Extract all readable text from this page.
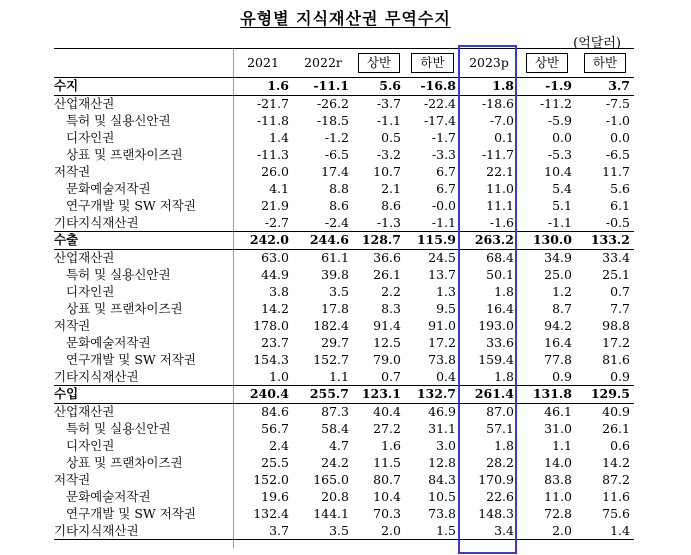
유형별 지식재산권 무역수지
(억달러)
	2021	2022r	상반	하반	2023p	상반	하반
수지	1.6	-11.1	5.6	-16.8	1.8	-1.9	3.7
산업재산권	-21.7	-26.2	-3.7	-22.4	-18.6	-11.2	-7.5
특허 및 실용신안권	-11.8	-18.5	-1.1	-17.4	-7.0	-5.9	-1.0
디자인권	1.4	-1.2	0.5	-1.7	0.1	0.0	0.0
상표 및 프랜차이즈권	-11.3	-6.5	-3.2	-3.3	-11.7	-5.3	-6.5
저작권	26.0	17.4	10.7	6.7	22.1	10.4	11.7
문화예술저작권	4.1	8.8	2.1	6.7	11.0	5.4	5.6
연구개발 및 SW 저작권	21.9	8.6	8.6	-0.0	11.1	5.1	6.1
기타지식재산권	-2.7	-2.4	-1.3	-1.1	-1.6	-1.1	-0.5
수출	242.0	244.6	128.7	115.9	263.2	130.0	133.2
산업재산권	63.0	61.1	36.6	24.5	68.4	34.9	33.4
특허 및 실용신안권	44.9	39.8	26.1	13.7	50.1	25.0	25.1
디자인권	3.8	3.5	2.2	1.3	1.8	1.2	0.7
상표 및 프랜차이즈권	14.2	17.8	8.3	9.5	16.4	8.7	7.7
저작권	178.0	182.4	91.4	91.0	193.0	94.2	98.8
문화예술저작권	23.7	29.7	12.5	17.2	33.6	16.4	17.2
연구개발 및 SW 저작권	154.3	152.7	79.0	73.8	159.4	77.8	81.6
기타지식재산권	1.0	1.1	0.7	0.4	1.8	0.9	0.9
수입	240.4	255.7	123.1	132.7	261.4	131.8	129.5
산업재산권	84.6	87.3	40.4	46.9	87.0	46.1	40.9
특허 및 실용신안권	56.7	58.4	27.2	31.1	57.1	31.0	26.1
디자인권	2.4	4.7	1.6	3.0	1.8	1.1	0.6
상표 및 프랜차이즈권	25.5	24.2	11.5	12.8	28.2	14.0	14.2
저작권	152.0	165.0	80.7	84.3	170.9	83.8	87.2
문화예술저작권	19.6	20.8	10.4	10.5	22.6	11.0	11.6
연구개발 및 SW 저작권	132.4	144.1	70.3	73.8	148.3	72.8	75.6
기타지식재산권	3.7	3.5	2.0	1.5	3.4	2.0	1.4
